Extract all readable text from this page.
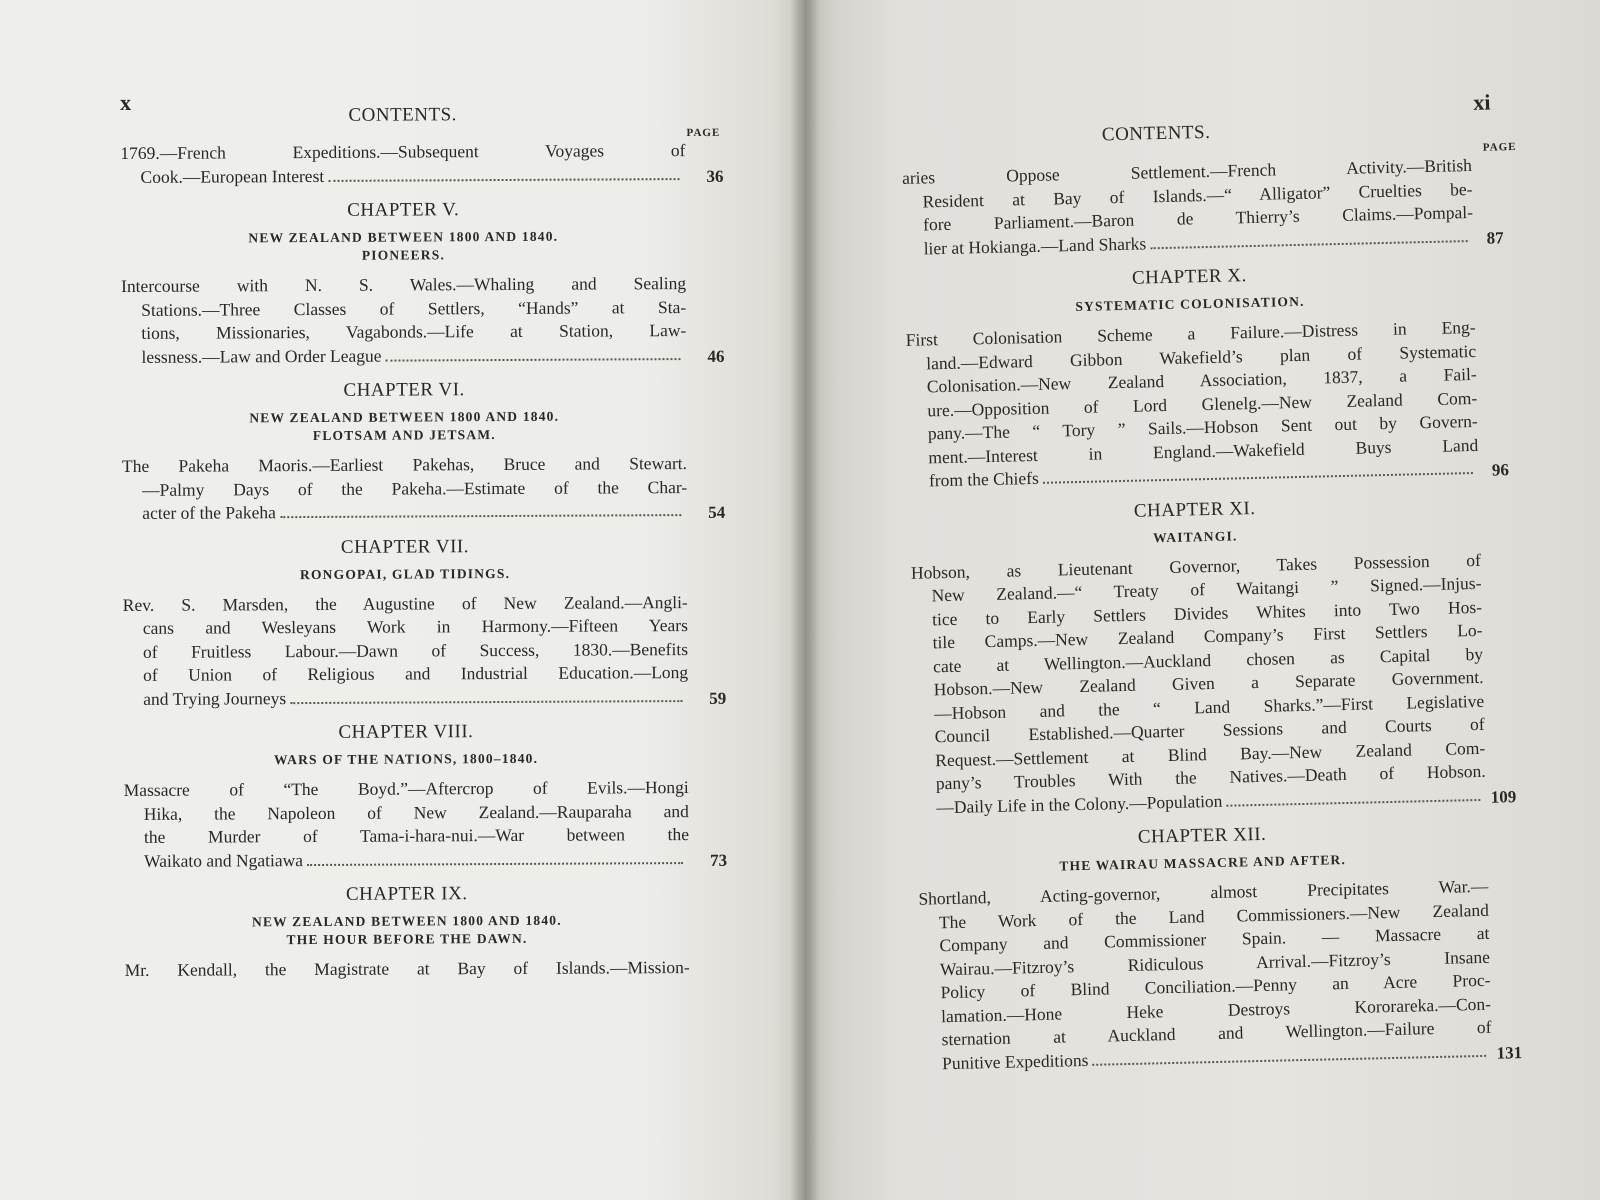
x
CONTENTS.
PAGE
1769.—French Expeditions.—Subsequent Voyages of
Cook.—European Interest	36
CHAPTER V.
NEW ZEALAND BETWEEN 1800 AND 1840.
PIONEERS.
Intercourse with N. S. Wales.—Whaling and Sealing
Stations.—Three Classes of Settlers, “Hands” at Sta-
tions, Missionaries, Vagabonds.—Life at Station, Law-
lessness.—Law and Order League	46
CHAPTER VI.
NEW ZEALAND BETWEEN 1800 AND 1840.
FLOTSAM AND JETSAM.
The Pakeha Maoris.—Earliest Pakehas, Bruce and Stewart.
—Palmy Days of the Pakeha.—Estimate of the Char-
acter of the Pakeha	54
CHAPTER VII.
RONGOPAI, GLAD TIDINGS.
Rev. S. Marsden, the Augustine of New Zealand.—Angli-
cans and Wesleyans Work in Harmony.—Fifteen Years
of Fruitless Labour.—Dawn of Success, 1830.—Benefits
of Union of Religious and Industrial Education.—Long
and Trying Journeys	59
CHAPTER VIII.
WARS OF THE NATIONS, 1800–1840.
Massacre of “The Boyd.”—Aftercrop of Evils.—Hongi
Hika, the Napoleon of New Zealand.—Rauparaha and
the Murder of Tama-i-hara-nui.—War between the
Waikato and Ngatiawa	73
CHAPTER IX.
NEW ZEALAND BETWEEN 1800 AND 1840.
THE HOUR BEFORE THE DAWN.
Mr. Kendall, the Magistrate at Bay of Islands.—Mission-
CONTENTS.
xi
PAGE
aries Oppose Settlement.—French Activity.—British
Resident at Bay of Islands.—“ Alligator” Cruelties be-
fore Parliament.—Baron de Thierry’s Claims.—Pompal-
lier at Hokianga.—Land Sharks	87
CHAPTER X.
SYSTEMATIC COLONISATION.
First Colonisation Scheme a Failure.—Distress in Eng-
land.—Edward Gibbon Wakefield’s plan of Systematic
Colonisation.—New Zealand Association, 1837, a Fail-
ure.—Opposition of Lord Glenelg.—New Zealand Com-
pany.—The “ Tory ” Sails.—Hobson Sent out by Govern-
ment.—Interest in England.—Wakefield Buys Land
from the Chiefs	96
CHAPTER XI.
WAITANGI.
Hobson, as Lieutenant Governor, Takes Possession of
New Zealand.—“ Treaty of Waitangi ” Signed.—Injus-
tice to Early Settlers Divides Whites into Two Hos-
tile Camps.—New Zealand Company’s First Settlers Lo-
cate at Wellington.—Auckland chosen as Capital by
Hobson.—New Zealand Given a Separate Government.
—Hobson and the “ Land Sharks.”—First Legislative
Council Established.—Quarter Sessions and Courts of
Request.—Settlement at Blind Bay.—New Zealand Com-
pany’s Troubles With the Natives.—Death of Hobson.
—Daily Life in the Colony.—Population	109
CHAPTER XII.
THE WAIRAU MASSACRE AND AFTER.
Shortland, Acting-governor, almost Precipitates War.—
The Work of the Land Commissioners.—New Zealand
Company and Commissioner Spain. — Massacre at
Wairau.—Fitzroy’s Ridiculous Arrival.—Fitzroy’s Insane
Policy of Blind Conciliation.—Penny an Acre Proc-
lamation.—Hone Heke Destroys Kororareka.—Con-
sternation at Auckland and Wellington.—Failure of
Punitive Expeditions	131
